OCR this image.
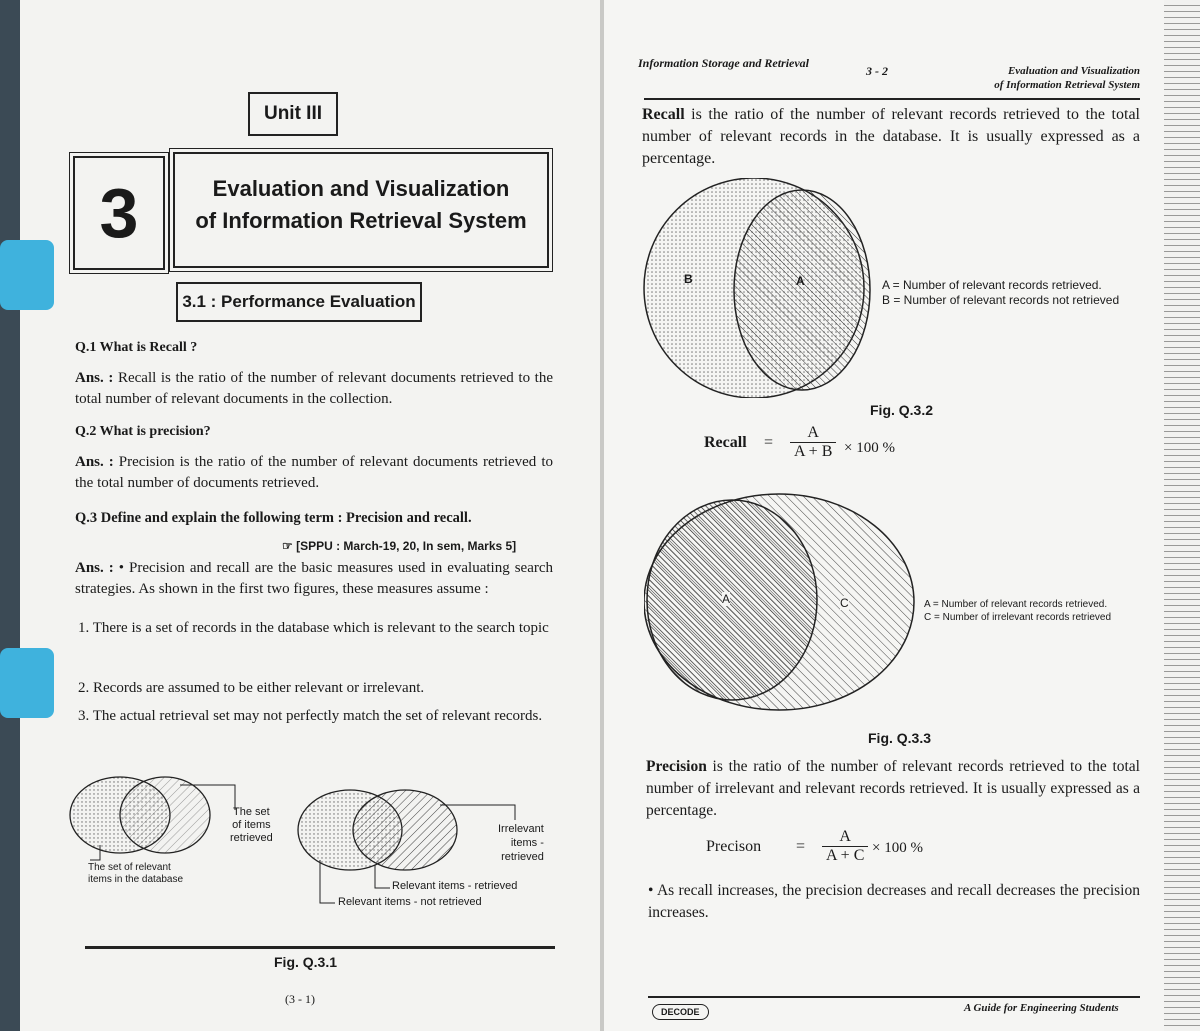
Unit III
3	Evaluation and Visualization
of Information Retrieval System
3.1 : Performance Evaluation
Q.1 What is Recall ?
Ans. : Recall is the ratio of the number of relevant documents retrieved to the total number of relevant documents in the collection.
Q.2 What is precision?
Ans. : Precision is the ratio of the number of relevant documents retrieved to the total number of documents retrieved.
Q.3 Define and explain the following term : Precision and recall.
☞ [SPPU : March-19, 20, In sem, Marks 5]
Ans. : • Precision and recall are the basic measures used in evaluating search strategies. As shown in the first two figures, these measures assume :
1. There is a set of records in the database which is relevant to the search topic
2. Records are assumed to be either relevant or irrelevant.
3. The actual retrieval set may not perfectly match the set of relevant records.
The set
of items
retrieved
The set of relevant
items in the database
Irrelevant
items -
retrieved
Relevant items - retrieved
Relevant items - not retrieved
Fig. Q.3.1
(3 - 1)
Information Storage and Retrieval
3 - 2	Evaluation and Visualization
of Information Retrieval System
Recall is the ratio of the number of relevant records retrieved to the total number of relevant records in the database. It is usually expressed as a percentage.
B	A	A = Number of relevant records retrieved.
B = Number of relevant records not retrieved
Fig. Q.3.2
Recall = $\frac{A}{A + B} \times 100$ %
A	C	A = Number of relevant records retrieved.
C = Number of irrelevant records retrieved
Fig. Q.3.3
Precision is the ratio of the number of relevant records retrieved to the total number of irrelevant and relevant records retrieved. It is usually expressed as a percentage.
Precison = $\frac{A}{A + C} \times 100$ %
• As recall increases, the precision decreases and recall decreases the precision increases.
DECODE	A Guide for Engineering Students
